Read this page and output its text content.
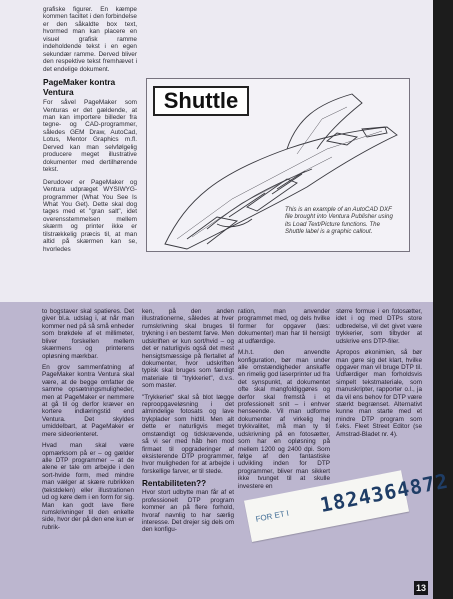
grafiske figurer. En kæmpe kommen faciltet i den forbindelse er den såkaldte box text, hvormed man kan placere en visuel grafisk ramme indeholdende tekst i en egen sekundær ramme. Derved bliver den respektive tekst fremhævet i det endelige dokument.

PageMaker kontra Ventura

For såvel PageMaker som Venturas er det gældende, at man kan importere billeder fra tegne- og CAD-programmer, således GEM Draw, AutoCad, Lotus, Mentor Graphics m.fl. Derved kan man selvfølgelig producere meget illustrative dokumenter med dertilhørende tekst.

Derudover er PageMaker og Ventura udpræget WYSIWYG-programmer (What You See Is What You Get). Dette skal dog tages med et "gran salt", idet overensstemmelsen mellem skærm og printer ikke er tilstrækkelig præcis til, at man altid på skærmen kan se, hvorledes

Shuttle
This is an example of an AutoCAD DXF file brought into Ventura Publisher using its Load Text/Picture functions. The Shuttle label is a graphic callout.

to bogstaver skal spatieres. Det giver bl.a. udslag i, at når man kommer ned på så små enheder som brøkdele af et millimeter, bliver forskellen mellem skærmens og printerens opløsning mærkbar.

En grov sammenfatning af PageMaker kontra Ventura skal være, at de begge omfatter de samme opsætningsmuligheder, men at PageMaker er nemmere at gå til og derfor kræver en kortere indlæringstid end Ventura. Det skyldes umiddelbart, at PageMaker er mere sideorienteret.

Hvad man skal være opmærksom på er – og gælder alle DTP programmer – at de alene er tale om arbejde i den sort-hvide form, med mindre man vælger at skære rubrikken (tekstdelen) eller illustrationen ud og køre dem i en form for sig. Man kan godt lave flere rumskrivninger til den enkelte side, hvor der på den ene kun er rubrik-

ken, på den anden illustrationerne, således at hver rumskrivning skal bruges til trykning i en bestemt farve. Men udskriften er kun sort/hvid – og det er naturligvis også det mest hensigtsmæssige på flertallet af dokumenter, hvor udskriften typisk skal bruges som færdigt materiale til "trykkeriet", d.v.s. som master.

"Trykkeriet" skal så blot lægge reproopgaveløsning i det almindelige fotosats og lave trykplader som hidtil. Men alt dette er naturligvis meget omstændigt og tidskrævende, så vi ser med håb hen mod firmaet til opgraderinger af eksisterende DTP programmer, hvor muligheden for at arbejde i forskellige farver, er til stede.

Rentabiliteten??

Hvor stort udbytte man får af et professionelt DTP program kommer an på flere forhold, hvoraf navnlig to har særlig interesse. Det drejer sig dels om den konfigu-

ration, man anvender programmet med, og dels hvilke former for opgaver (læs: dokumenter) man har til hensigt at udfærdige.

M.h.t. den anvendte konfiguration, bør man under alle omstændigheder anskaffe en rimelig god laserprinter ud fra det synspunkt, at dokumentet ofte skal mangfoldiggøres og derfor skal fremstå i et professionelt snit – i enhver henseende. Vil man udforme dokumenter af virkelig høj trykkvalitet, må man ty til udskrivning på en fotosætter, som har en opløsning på mellem 1200 og 2400 dpi. Som følge af den fantastiske udvikling inden for DTP programmer, bliver man sikkert ikke tvunget til at skulle investere en

større formue i en fotosætter, idet i og med DTPs store udbredelse, vil det givet være trykkerier, som tilbyder at udskrive ens DTP-filer.

Apropos økonimien, så bør man gøre sig det klart, hvilke opgaver man vil bruge DTP til. Udfærdiger man forholdsvis simpelt tekstmateriale, som manuskripter, rapporter o.l., ja da vil ens behov for DTP være stærkt begrænset. Alternativt kunne man starte med et mindre DTP program som f.eks. Fleet Street Editor (se Amstrad-Bladet nr. 4).

FOR ET I 1824364872
13
